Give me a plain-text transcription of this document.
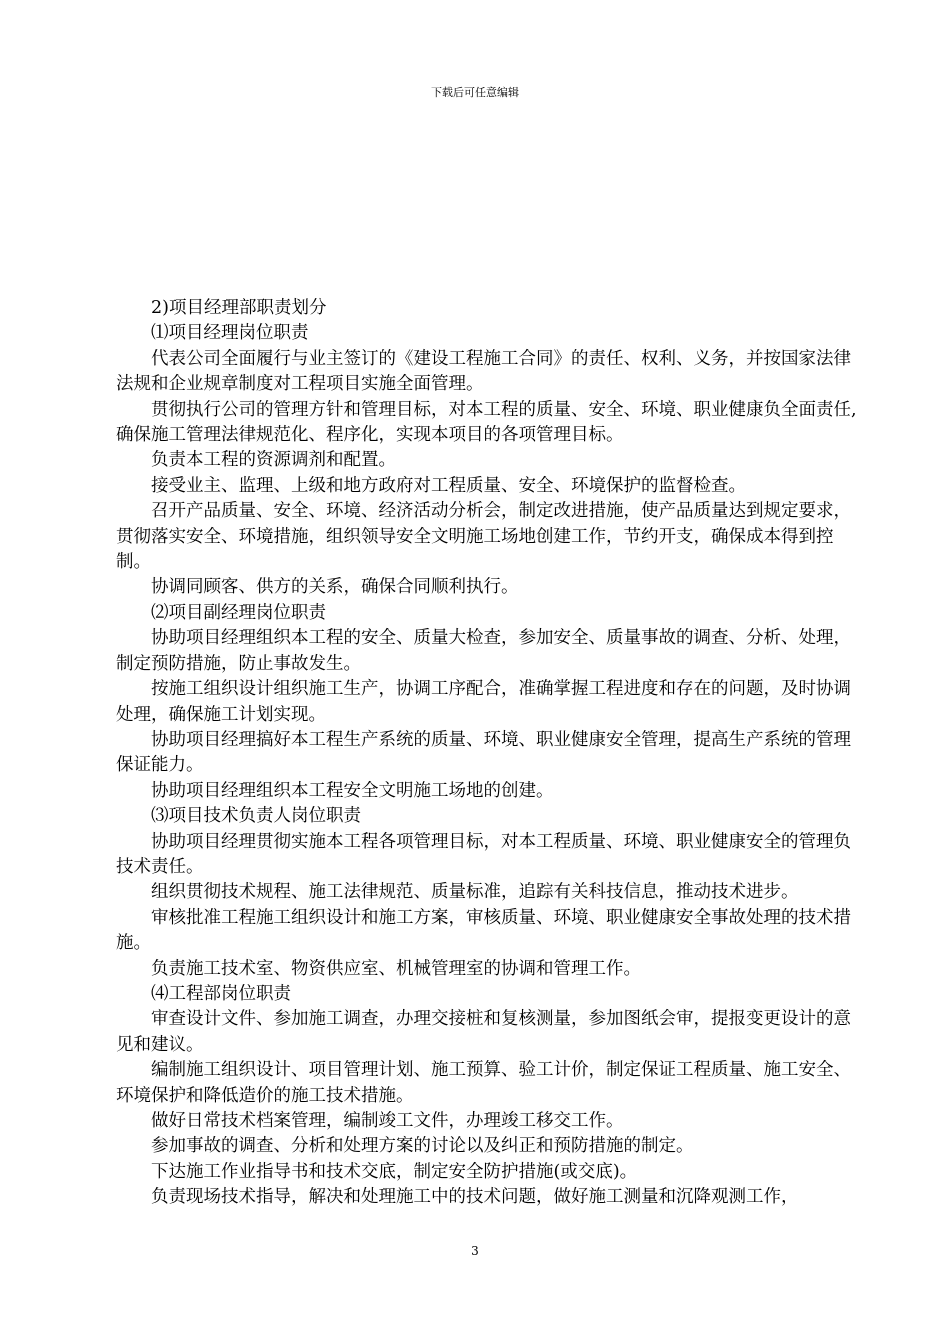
下载后可任意编辑

2)项目经理部职责划分

⑴项目经理岗位职责

代表公司全面履行与业主签订的《建设工程施工合同》的责任、权利、义务，并按国家法律法规和企业规章制度对工程项目实施全面管理。

贯彻执行公司的管理方针和管理目标，对本工程的质量、安全、环境、职业健康负全面责任,确保施工管理法律规范化、程序化，实现本项目的各项管理目标。

负责本工程的资源调剂和配置。

接受业主、监理、上级和地方政府对工程质量、安全、环境保护的监督检查。

召开产品质量、安全、环境、经济活动分析会，制定改进措施，使产品质量达到规定要求，贯彻落实安全、环境措施，组织领导安全文明施工场地创建工作，节约开支，确保成本得到控制。

协调同顾客、供方的关系，确保合同顺利执行。

⑵项目副经理岗位职责

协助项目经理组织本工程的安全、质量大检查，参加安全、质量事故的调查、分析、处理，制定预防措施，防止事故发生。

按施工组织设计组织施工生产，协调工序配合，准确掌握工程进度和存在的问题，及时协调处理，确保施工计划实现。

协助项目经理搞好本工程生产系统的质量、环境、职业健康安全管理，提高生产系统的管理保证能力。

协助项目经理组织本工程安全文明施工场地的创建。

⑶项目技术负责人岗位职责

协助项目经理贯彻实施本工程各项管理目标，对本工程质量、环境、职业健康安全的管理负技术责任。

组织贯彻技术规程、施工法律规范、质量标准，追踪有关科技信息，推动技术进步。

审核批准工程施工组织设计和施工方案，审核质量、环境、职业健康安全事故处理的技术措施。

负责施工技术室、物资供应室、机械管理室的协调和管理工作。

⑷工程部岗位职责

审查设计文件、参加施工调查，办理交接桩和复核测量，参加图纸会审，提报变更设计的意见和建议。

编制施工组织设计、项目管理计划、施工预算、验工计价，制定保证工程质量、施工安全、环境保护和降低造价的施工技术措施。

做好日常技术档案管理，编制竣工文件，办理竣工移交工作。

参加事故的调查、分析和处理方案的讨论以及纠正和预防措施的制定。

下达施工作业指导书和技术交底，制定安全防护措施(或交底)。

负责现场技术指导，解决和处理施工中的技术问题，做好施工测量和沉降观测工作，

3
